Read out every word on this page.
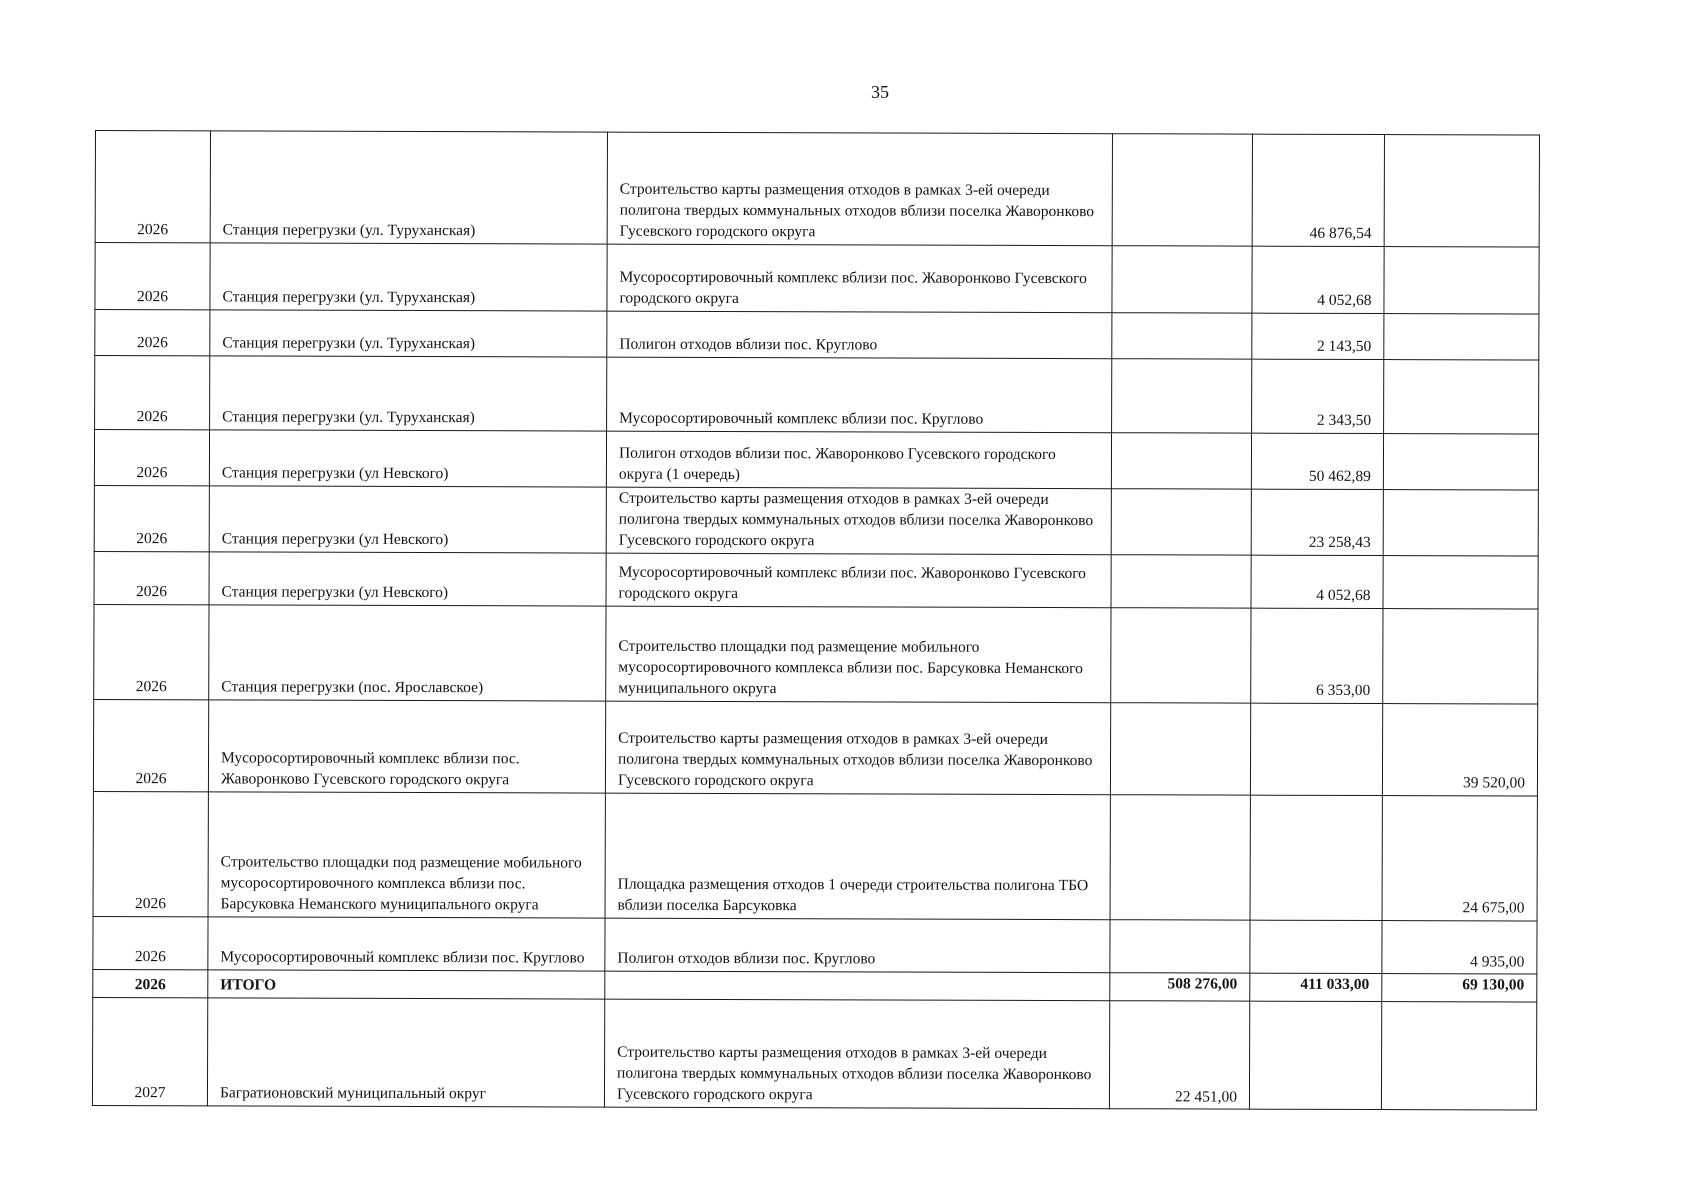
35
2026	Станция перегрузки (ул. Туруханская)	Строительство карты размещения отходов в рамках 3-ей очереди полигона твердых коммунальных отходов вблизи поселка Жаворонково Гусевского городского округа		46 876,54	
2026	Станция перегрузки (ул. Туруханская)	Мусоросортировочный комплекс вблизи пос. Жаворонково Гусевского городского округа		4 052,68	
2026	Станция перегрузки (ул. Туруханская)	Полигон отходов вблизи пос. Круглово		2 143,50	
2026	Станция перегрузки (ул. Туруханская)	Мусоросортировочный комплекс вблизи пос. Круглово		2 343,50	
2026	Станция перегрузки (ул Невского)	Полигон отходов вблизи пос. Жаворонково Гусевского городского округа (1 очередь)		50 462,89	
2026	Станция перегрузки (ул Невского)	Строительство карты размещения отходов в рамках 3-ей очереди полигона твердых коммунальных отходов вблизи поселка Жаворонково Гусевского городского округа		23 258,43	
2026	Станция перегрузки (ул Невского)	Мусоросортировочный комплекс вблизи пос. Жаворонково Гусевского городского округа		4 052,68	
2026	Станция перегрузки (пос. Ярославское)	Строительство площадки под размещение мобильного мусоросортировочного комплекса вблизи пос. Барсуковка Неманского муниципального округа		6 353,00	
2026	Мусоросортировочный комплекс вблизи пос. Жаворонково Гусевского городского округа	Строительство карты размещения отходов в рамках 3-ей очереди полигона твердых коммунальных отходов вблизи поселка Жаворонково Гусевского городского округа			39 520,00
2026	Строительство площадки под размещение мобильного мусоросортировочного комплекса вблизи пос. Барсуковка Неманского муниципального округа	Площадка размещения отходов 1 очереди строительства полигона ТБО вблизи поселка Барсуковка			24 675,00
2026	Мусоросортировочный комплекс вблизи пос. Круглово	Полигон отходов вблизи пос. Круглово			4 935,00
2026	ИТОГО		508 276,00	411 033,00	69 130,00
2027	Багратионовский муниципальный округ	Строительство карты размещения отходов в рамках 3-ей очереди полигона твердых коммунальных отходов вблизи поселка Жаворонково Гусевского городского округа	22 451,00		
